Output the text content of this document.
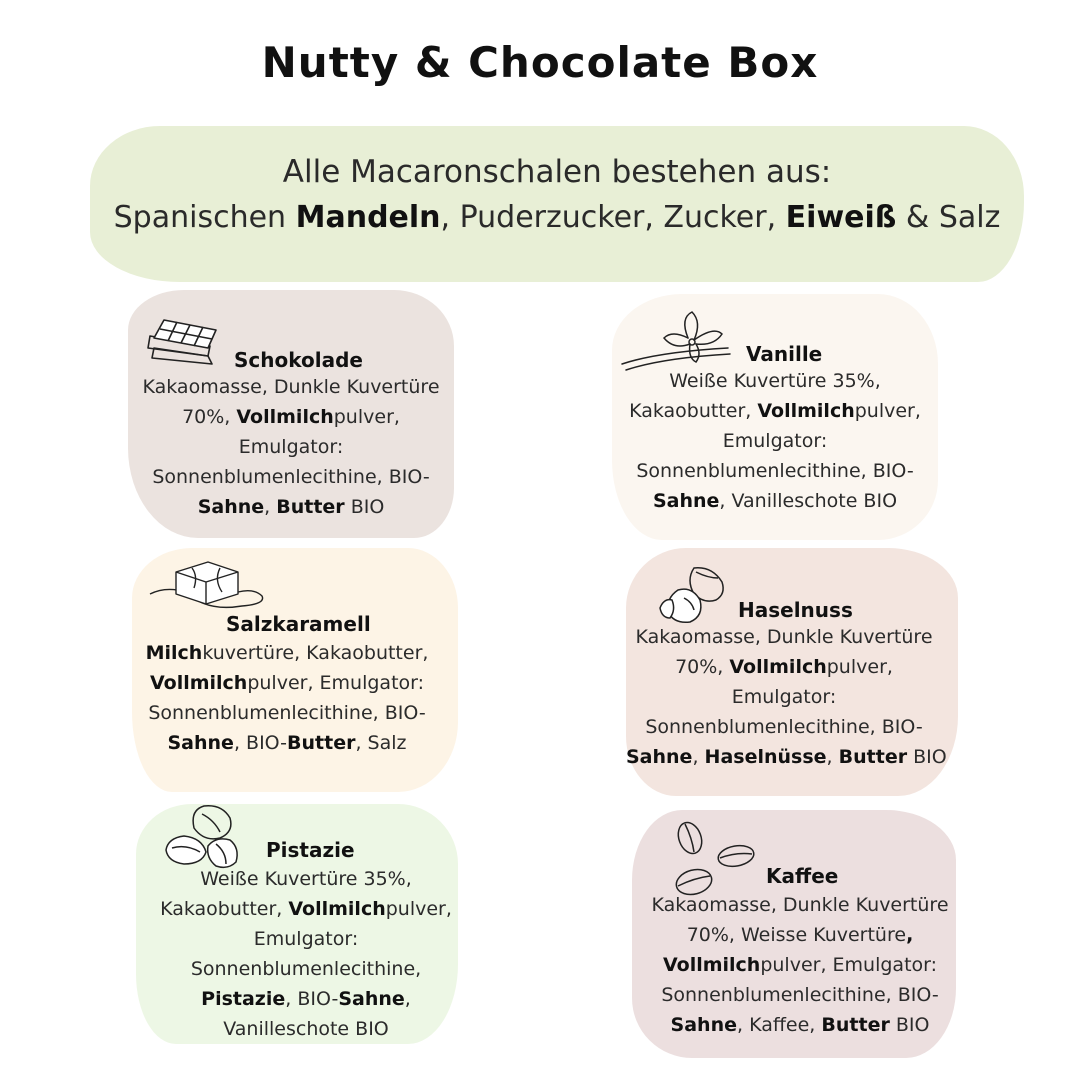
Nutty & Chocolate Box
Alle Macaronschalen bestehen aus:
Spanischen Mandeln, Puderzucker, Zucker, Eiweiß & Salz
Schokolade
Kakaomasse, Dunkle Kuvertüre
70%, Vollmilchpulver,
Emulgator:
Sonnenblumenlecithine, BIO-
Sahne, Butter BIO
Vanille
Weiße Kuvertüre 35%,
Kakaobutter, Vollmilchpulver,
Emulgator:
Sonnenblumenlecithine, BIO-
Sahne, Vanilleschote BIO
Salzkaramell
Milchkuvertüre, Kakaobutter,
Vollmilchpulver, Emulgator:
Sonnenblumenlecithine, BIO-
Sahne, BIO-Butter, Salz
Haselnuss
Kakaomasse, Dunkle Kuvertüre
70%, Vollmilchpulver,
Emulgator:
Sonnenblumenlecithine, BIO-
Sahne, Haselnüsse, Butter BIO
Pistazie
Weiße Kuvertüre 35%,
Kakaobutter, Vollmilchpulver,
Emulgator:
Sonnenblumenlecithine,
Pistazie, BIO-Sahne,
Vanilleschote BIO
Kaffee
Kakaomasse, Dunkle Kuvertüre
70%, Weisse Kuvertüre,
Vollmilchpulver, Emulgator:
Sonnenblumenlecithine, BIO-
Sahne, Kaffee, Butter BIO
